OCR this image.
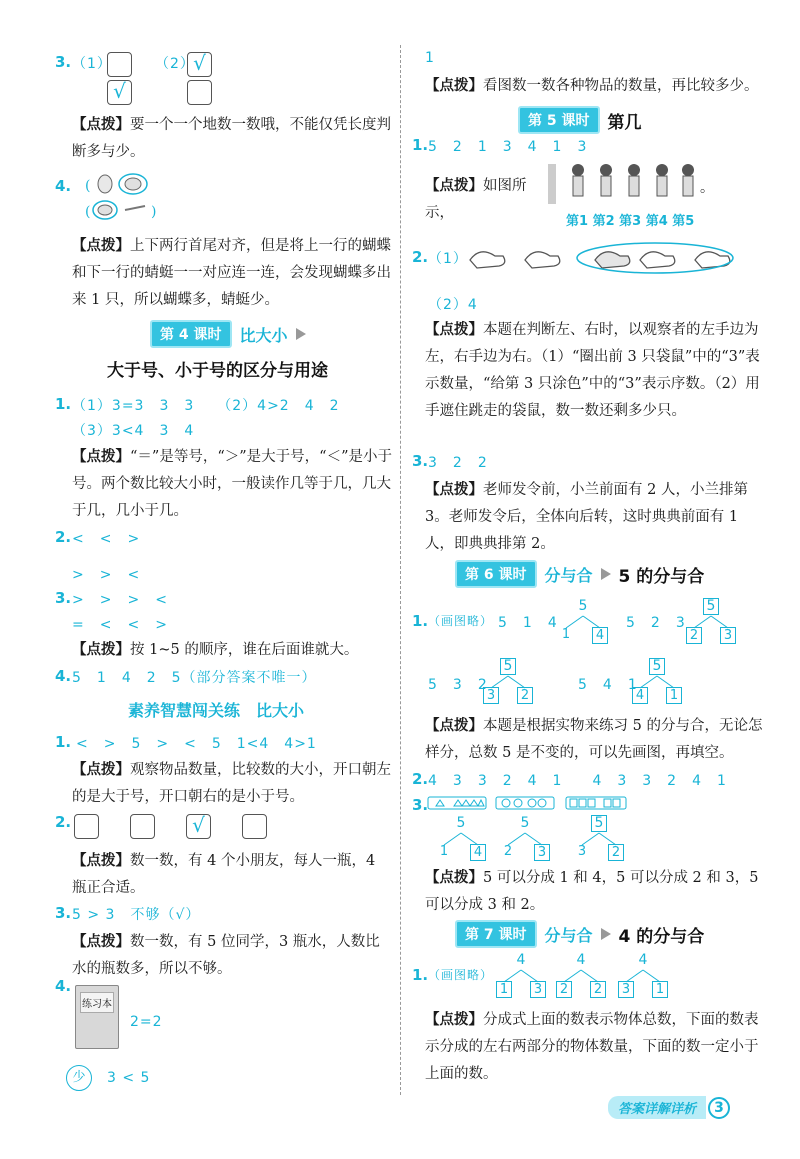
3. （1）
√
（2）
√

【点拨】要一个一个地数一数哦，不能仅凭长度判断多与少。

4. (
(	)

【点拨】上下两行首尾对齐，但是将上一行的蝴蝶和下一行的蜻蜓一一对应连一连，会发现蝴蝶多出来 1 只，所以蝴蝶多，蜻蜓少。

第 4 课时	比大小
大于号、小于号的区分与用途
1. （1）3=3　3　3　　（2）4>2　4　2
（3）3<4　3　4

【点拨】“＝”是等号，“＞”是大于号，“＜”是小于号。两个数比较大小时，一般读作几等于几，几大于几，几小于几。

2. <　<　>
>　>　<
3. >　>　>　<
=　<　<　>

【点拨】按 1~5 的顺序，谁在后面谁就大。

4. 5　1　4　2　5（部分答案不唯一）
素养智慧闯关练　比大小
1. <　>　5　>　<　5　1<4　4>1

【点拨】观察物品数量，比较数的大小，开口朝左的是大于号，开口朝右的是小于号。

2.	√

【点拨】数一数，有 4 个小朋友，每人一瓶，4 瓶正合适。

3. 5 > 3　不够（√）

【点拨】数一数，有 5 位同学，3 瓶水，人数比水的瓶数多，所以不够。

4.
练习本
2=2
少	3 < 5
1

【点拨】看图数一数各种物品的数量，再比较多少。

第 5 课时	第几
1. 5　2　1　3　4　1　3

【点拨】如图所示，

。
第1 第2 第3 第4 第5
2. （1）
（2）4

【点拨】本题在判断左、右时，以观察者的左手边为左，右手边为右。（1）“圈出前 3 只袋鼠”中的“3”表示数量，“给第 3 只涂色”中的“3”表示序数。（2）用手遮住跳走的袋鼠，数一数还剩多少只。

3. 3　2　2

【点拨】老师发令前，小兰前面有 2 人，小兰排第 3。老师发令后，全体向后转，这时典典前面有 1 人，即典典排第 2。

第 6 课时	分与合 5 的分与合
1. （画图略） 5　1　4
5
1 4
5　2　3
5
2 3
5　3　2
5
3 2
5　4　1
5
4 1

【点拨】本题是根据实物来练习 5 的分与合，无论怎样分，总数 5 是不变的，可以先画图，再填空。

2. 4　3　3　2　4　1　　4　3　3　2　4　1
3.
5
1 4
5
2 3
5
3 2

【点拨】5 可以分成 1 和 4，5 可以分成 2 和 3，5 可以分成 3 和 2。

第 7 课时	分与合 4 的分与合
1. （画图略）
4
1 3
4
2 2
4
3 1

【点拨】分成式上面的数表示物体总数，下面的数表示分成的左右两部分的物体数量，下面的数一定小于上面的数。

答案详解详析	3
